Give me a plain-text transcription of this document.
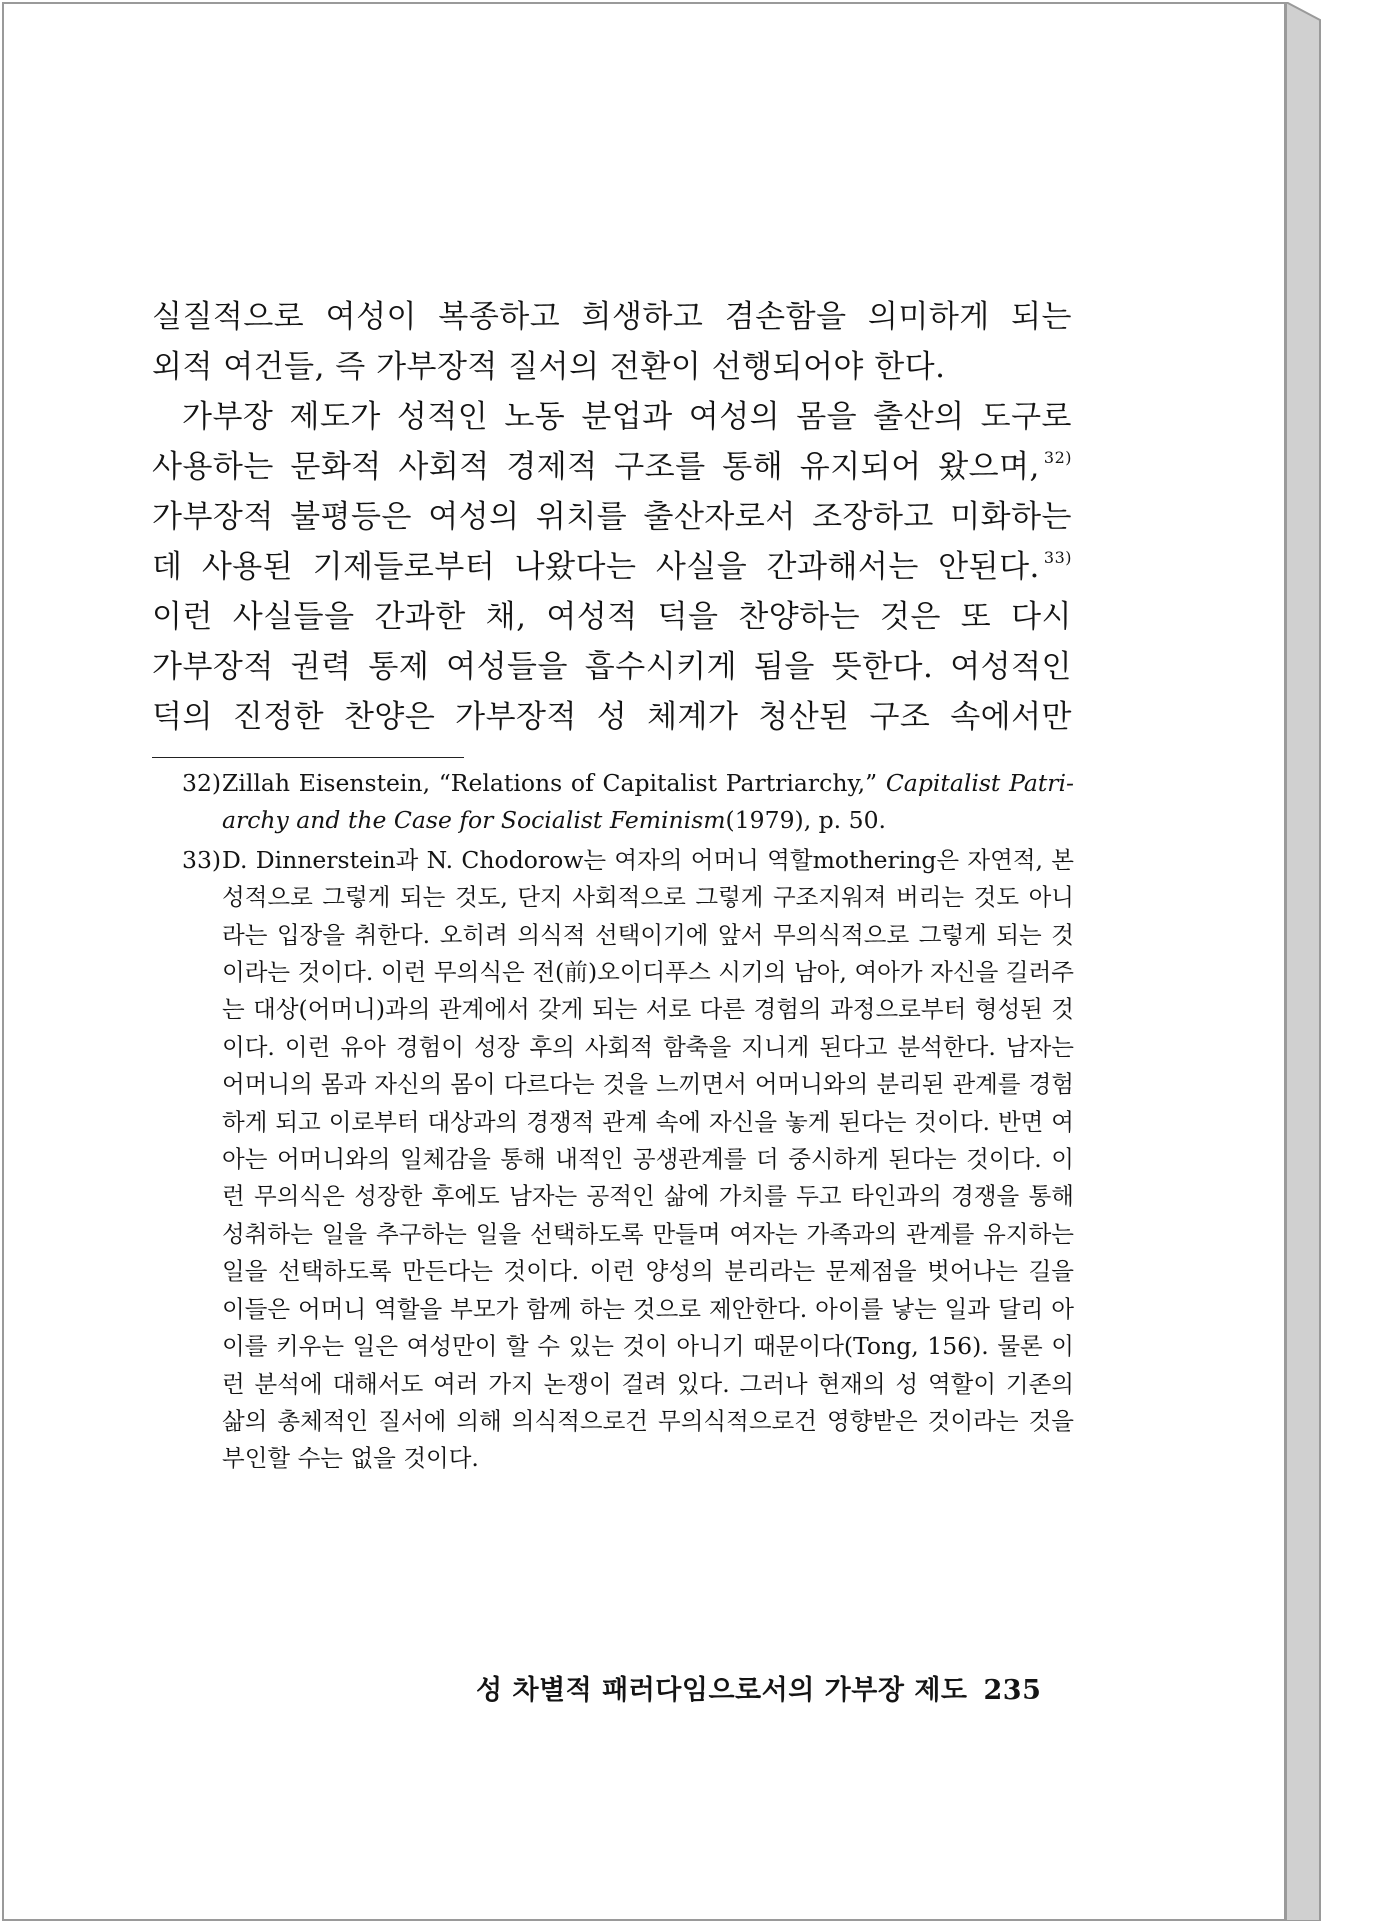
실질적으로 여성이 복종하고 희생하고 겸손함을 의미하게 되는

외적 여건들, 즉 가부장적 질서의 전환이 선행되어야 한다.

가부장 제도가 성적인 노동 분업과 여성의 몸을 출산의 도구로

사용하는 문화적 사회적 경제적 구조를 통해 유지되어 왔으며, $^{32)}$

가부장적 불평등은 여성의 위치를 출산자로서 조장하고 미화하는

데 사용된 기제들로부터 나왔다는 사실을 간과해서는 안된다. $^{33)}$

이런 사실들을 간과한 채, 여성적 덕을 찬양하는 것은 또 다시

가부장적 권력 통제 여성들을 흡수시키게 됨을 뜻한다. 여성적인

덕의 진정한 찬양은 가부장적 성 체계가 청산된 구조 속에서만

32) Zillah Eisenstein, “Relations of Capitalist Partriarchy,” Capitalist Patri-archy and the Case for Socialist Feminism(1979), p. 50.
33) D. Dinnerstein과 N. Chodorow는 여자의 어머니 역할mothering은 자연적, 본성적으로 그렇게 되는 것도, 단지 사회적으로 그렇게 구조지워져 버리는 것도 아니라는 입장을 취한다. 오히려 의식적 선택이기에 앞서 무의식적으로 그렇게 되는 것이라는 것이다. 이런 무의식은 전(前)오이디푸스 시기의 남아, 여아가 자신을 길러주는 대상(어머니)과의 관계에서 갖게 되는 서로 다른 경험의 과정으로부터 형성된 것이다. 이런 유아 경험이 성장 후의 사회적 함축을 지니게 된다고 분석한다. 남자는 어머니의 몸과 자신의 몸이 다르다는 것을 느끼면서 어머니와의 분리된 관계를 경험하게 되고 이로부터 대상과의 경쟁적 관계 속에 자신을 놓게 된다는 것이다. 반면 여아는 어머니와의 일체감을 통해 내적인 공생관계를 더 중시하게 된다는 것이다. 이런 무의식은 성장한 후에도 남자는 공적인 삶에 가치를 두고 타인과의 경쟁을 통해 성취하는 일을 추구하는 일을 선택하도록 만들며 여자는 가족과의 관계를 유지하는 일을 선택하도록 만든다는 것이다. 이런 양성의 분리라는 문제점을 벗어나는 길을 이들은 어머니 역할을 부모가 함께 하는 것으로 제안한다. 아이를 낳는 일과 달리 아이를 키우는 일은 여성만이 할 수 있는 것이 아니기 때문이다(Tong, 156). 물론 이런 분석에 대해서도 여러 가지 논쟁이 걸려 있다. 그러나 현재의 성 역할이 기존의 삶의 총체적인 질서에 의해 의식적으로건 무의식적으로건 영향받은 것이라는 것을 부인할 수는 없을 것이다.
성 차별적 패러다임으로서의 가부장 제도 235
